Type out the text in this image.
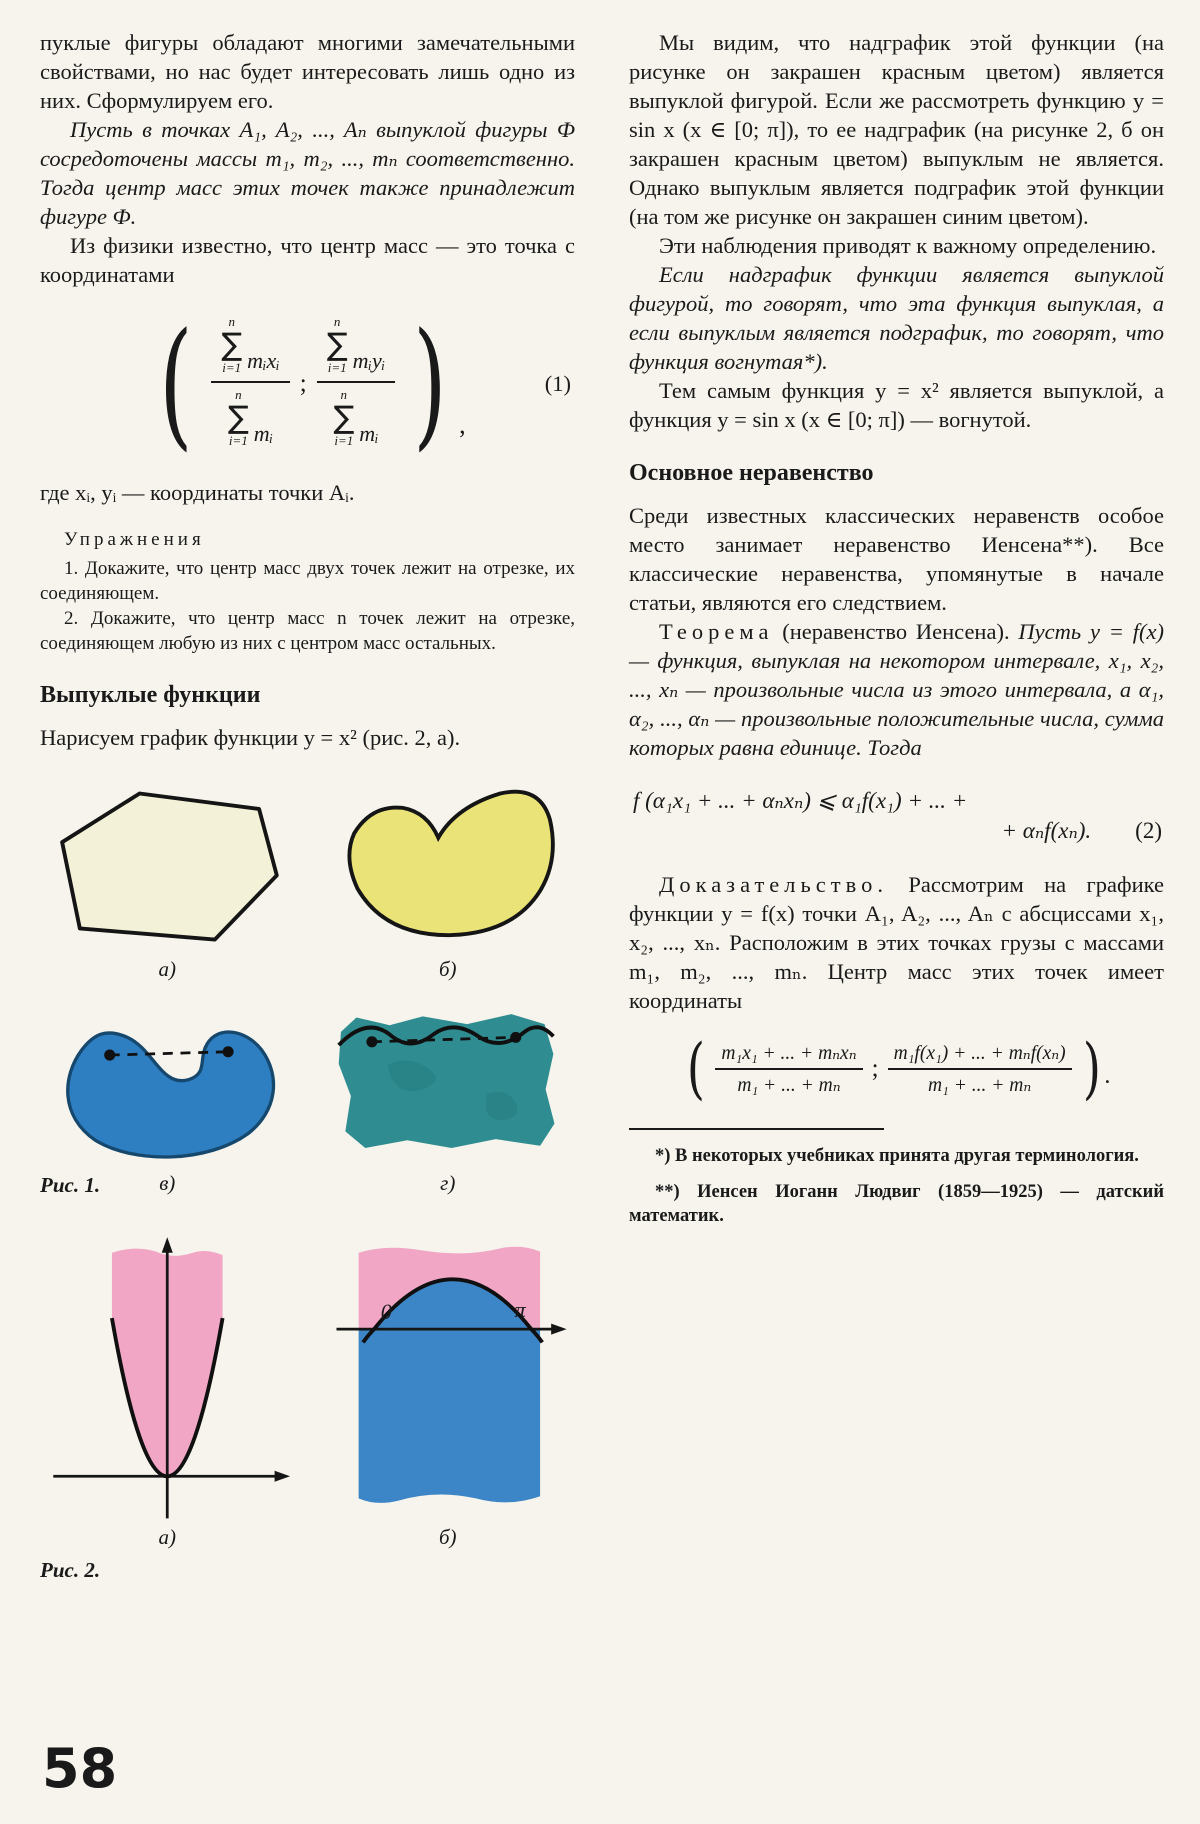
пуклые фигуры обладают многими замечательными свойствами, но нас будет интересовать лишь одно из них. Сформулируем его.

Пусть в точках A₁, A₂, ..., Aₙ выпуклой фигуры Ф сосредоточены массы m₁, m₂, ..., mₙ соответственно. Тогда центр масс этих точек также принадлежит фигуре Ф.

Из физики известно, что центр масс — это точка с координатами

(	n
∑
i=1 mᵢxᵢ
n
∑
i=1 mᵢ
;
n
∑
i=1 mᵢyᵢ
n
∑
i=1 mᵢ ) ,
(1)

где xᵢ, yᵢ — координаты точки Aᵢ.

Упражнения

1. Докажите, что центр масс двух точек лежит на отрезке, их соединяющем.

2. Докажите, что центр масс n точек лежит на отрезке, соединяющем любую из них с центром масс остальных.

Выпуклые функции

Нарисуем график функции y = x² (рис. 2, а).

а)	б)
в)	г)
Рис. 1.
а)
0	π
б)
Рис. 2.

Мы видим, что надграфик этой функции (на рисунке он закрашен красным цветом) является выпуклой фигурой. Если же рассмотреть функцию y = sin x (x ∈ [0; π]), то ее надграфик (на рисунке 2, б он закрашен красным цветом) выпуклым не является. Однако выпуклым является подграфик этой функции (на том же рисунке он закрашен синим цветом).

Эти наблюдения приводят к важному определению.

Если надграфик функции является выпуклой фигурой, то говорят, что эта функция выпуклая, а если выпуклым является подграфик, то говорят, что функция вогнутая*).

Тем самым функция y = x² является выпуклой, а функция y = sin x (x ∈ [0; π]) — вогнутой.

Основное неравенство

Среди известных классических неравенств особое место занимает неравенство Иенсена**). Все классические неравенства, упомянутые в начале статьи, являются его следствием.

Теорема (неравенство Иенсена). Пусть y = f(x) — функция, выпуклая на некотором интервале, x₁, x₂, ..., xₙ — произвольные числа из этого интервала, а α₁, α₂, ..., αₙ — произвольные положительные числа, сумма которых равна единице. Тогда

f (α₁x₁ + ... + αₙxₙ) ⩽ α₁f(x₁) + ... +
+ αₙf(xₙ). (2)

Доказательство. Рассмотрим на графике функции y = f(x) точки A₁, A₂, ..., Aₙ с абсциссами x₁, x₂, ..., xₙ. Расположим в этих точках грузы с массами m₁, m₂, ..., mₙ. Центр масс этих точек имеет координаты

( m₁x₁ + ... + mₙxₙ
m₁ + ... + mₙ
;
m₁f(x₁) + ... + mₙf(xₙ)
m₁ + ... + mₙ ) .

*) В некоторых учебниках принята другая терминология.

**) Иенсен Иоганн Людвиг (1859—1925) — датский математик.

58
